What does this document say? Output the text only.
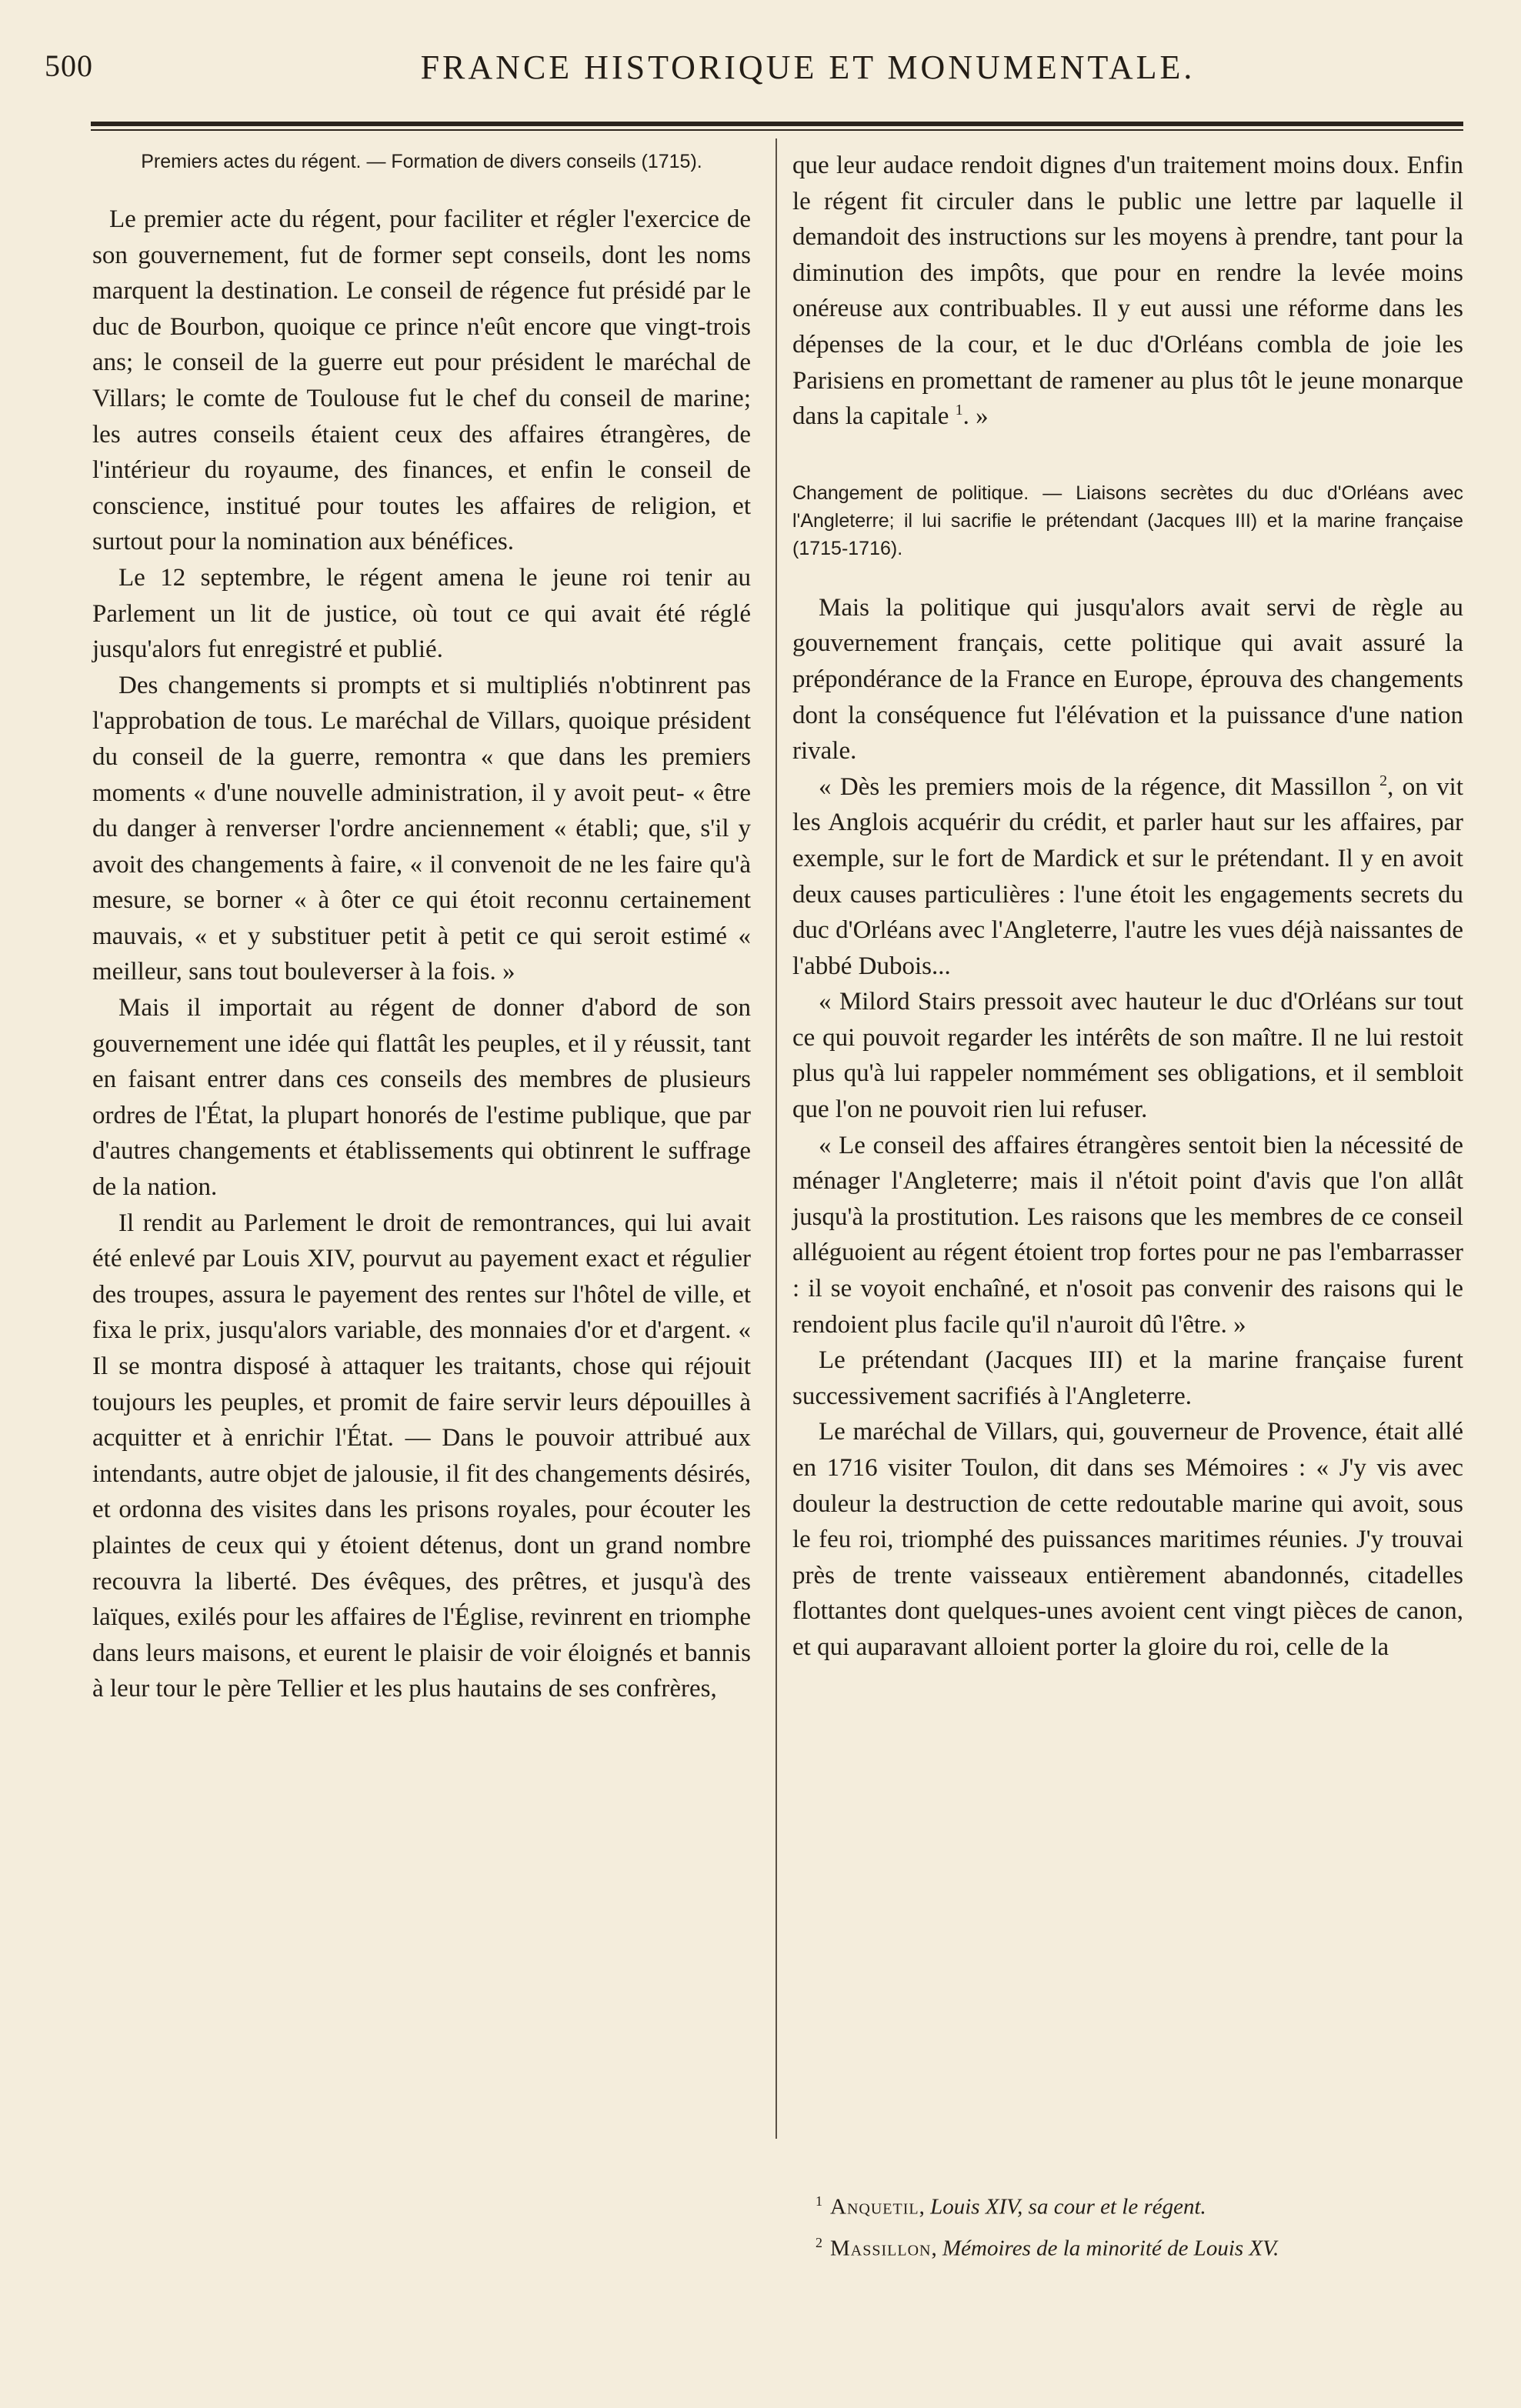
500	FRANCE HISTORIQUE ET MONUMENTALE.
Premiers actes du régent. — Formation de divers conseils (1715).

Le premier acte du régent, pour faciliter et régler l'exercice de son gouvernement, fut de former sept conseils, dont les noms marquent la destination. Le conseil de régence fut présidé par le duc de Bourbon, quoique ce prince n'eût encore que vingt-trois ans; le conseil de la guerre eut pour président le maréchal de Villars; le comte de Toulouse fut le chef du conseil de marine; les autres conseils étaient ceux des affaires étrangères, de l'intérieur du royaume, des finances, et enfin le conseil de conscience, institué pour toutes les affaires de religion, et surtout pour la nomination aux bénéfices.

Le 12 septembre, le régent amena le jeune roi tenir au Parlement un lit de justice, où tout ce qui avait été réglé jusqu'alors fut enregistré et publié.

Des changements si prompts et si multipliés n'obtinrent pas l'approbation de tous. Le maréchal de Villars, quoique président du conseil de la guerre, remontra « que dans les premiers moments « d'une nouvelle administration, il y avoit peut- « être du danger à renverser l'ordre anciennement « établi; que, s'il y avoit des changements à faire, « il convenoit de ne les faire qu'à mesure, se borner « à ôter ce qui étoit reconnu certainement mauvais, « et y substituer petit à petit ce qui seroit estimé « meilleur, sans tout bouleverser à la fois. »

Mais il importait au régent de donner d'abord de son gouvernement une idée qui flattât les peuples, et il y réussit, tant en faisant entrer dans ces conseils des membres de plusieurs ordres de l'État, la plupart honorés de l'estime publique, que par d'autres changements et établissements qui obtinrent le suffrage de la nation.

Il rendit au Parlement le droit de remontrances, qui lui avait été enlevé par Louis XIV, pourvut au payement exact et régulier des troupes, assura le payement des rentes sur l'hôtel de ville, et fixa le prix, jusqu'alors variable, des monnaies d'or et d'argent. « Il se montra disposé à attaquer les traitants, chose qui réjouit toujours les peuples, et promit de faire servir leurs dépouilles à acquitter et à enrichir l'État. — Dans le pouvoir attribué aux intendants, autre objet de jalousie, il fit des changements désirés, et ordonna des visites dans les prisons royales, pour écouter les plaintes de ceux qui y étoient détenus, dont un grand nombre recouvra la liberté. Des évêques, des prêtres, et jusqu'à des laïques, exilés pour les affaires de l'Église, revinrent en triomphe dans leurs maisons, et eurent le plaisir de voir éloignés et bannis à leur tour le père Tellier et les plus hautains de ses confrères,

que leur audace rendoit dignes d'un traitement moins doux. Enfin le régent fit circuler dans le public une lettre par laquelle il demandoit des instructions sur les moyens à prendre, tant pour la diminution des impôts, que pour en rendre la levée moins onéreuse aux contribuables. Il y eut aussi une réforme dans les dépenses de la cour, et le duc d'Orléans combla de joie les Parisiens en promettant de ramener au plus tôt le jeune monarque dans la capitale $^1$. »

Changement de politique. — Liaisons secrètes du duc d'Orléans avec l'Angleterre; il lui sacrifie le prétendant (Jacques III) et la marine française (1715-1716).

Mais la politique qui jusqu'alors avait servi de règle au gouvernement français, cette politique qui avait assuré la prépondérance de la France en Europe, éprouva des changements dont la conséquence fut l'élévation et la puissance d'une nation rivale.

« Dès les premiers mois de la régence, dit Massillon $^2$, on vit les Anglois acquérir du crédit, et parler haut sur les affaires, par exemple, sur le fort de Mardick et sur le prétendant. Il y en avoit deux causes particulières : l'une étoit les engagements secrets du duc d'Orléans avec l'Angleterre, l'autre les vues déjà naissantes de l'abbé Dubois...

« Milord Stairs pressoit avec hauteur le duc d'Orléans sur tout ce qui pouvoit regarder les intérêts de son maître. Il ne lui restoit plus qu'à lui rappeler nommément ses obligations, et il sembloit que l'on ne pouvoit rien lui refuser.

« Le conseil des affaires étrangères sentoit bien la nécessité de ménager l'Angleterre; mais il n'étoit point d'avis que l'on allât jusqu'à la prostitution. Les raisons que les membres de ce conseil alléguoient au régent étoient trop fortes pour ne pas l'embarrasser : il se voyoit enchaîné, et n'osoit pas convenir des raisons qui le rendoient plus facile qu'il n'auroit dû l'être. »

Le prétendant (Jacques III) et la marine française furent successivement sacrifiés à l'Angleterre.

Le maréchal de Villars, qui, gouverneur de Provence, était allé en 1716 visiter Toulon, dit dans ses Mémoires : « J'y vis avec douleur la destruction de cette redoutable marine qui avoit, sous le feu roi, triomphé des puissances maritimes réunies. J'y trouvai près de trente vaisseaux entièrement abandonnés, citadelles flottantes dont quelques-unes avoient cent vingt pièces de canon, et qui auparavant alloient porter la gloire du roi, celle de la

$^1$ Anquetil, Louis XIV, sa cour et le régent.

$^2$ Massillon, Mémoires de la minorité de Louis XV.
